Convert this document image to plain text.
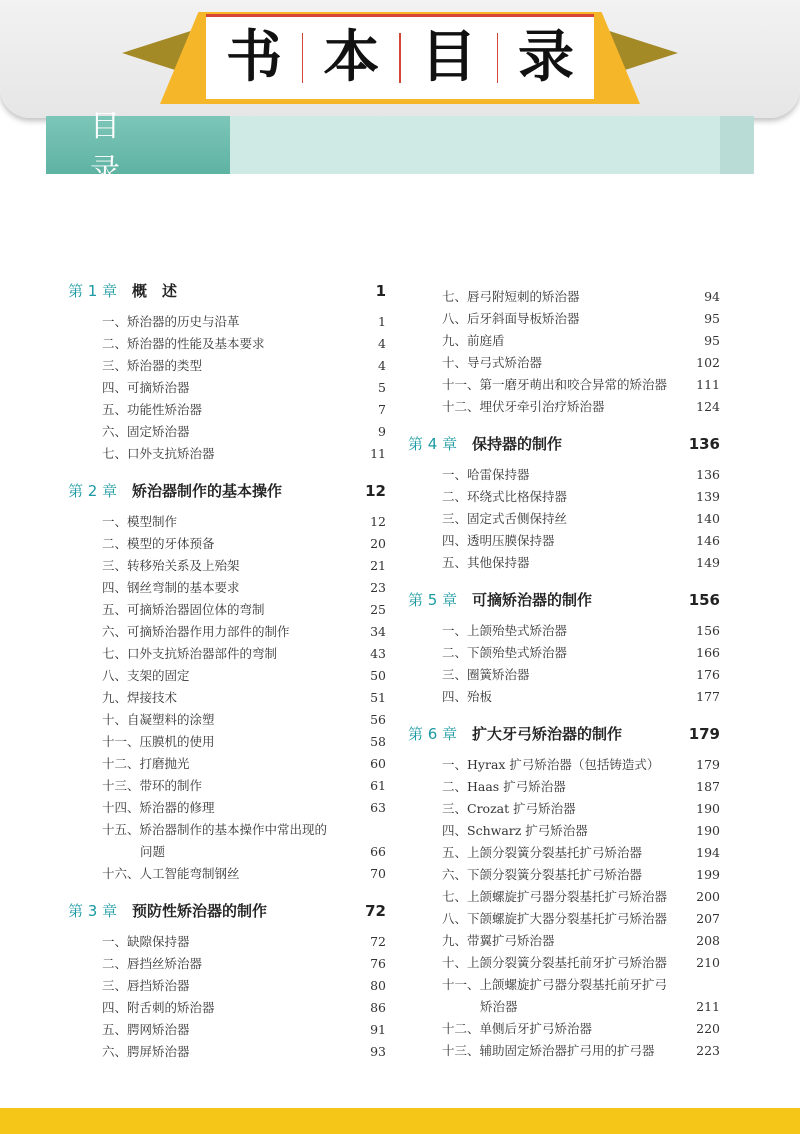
书 本 目 录
目 录
第 1 章 概　述	1
一、矫治器的历史与沿革	1
二、矫治器的性能及基本要求	4
三、矫治器的类型	4
四、可摘矫治器	5
五、功能性矫治器	7
六、固定矫治器	9
七、口外支抗矫治器	11
第 2 章 矫治器制作的基本操作	12
一、模型制作	12
二、模型的牙体预备	20
三、转移殆关系及上殆架	21
四、钢丝弯制的基本要求	23
五、可摘矫治器固位体的弯制	25
六、可摘矫治器作用力部件的制作	34
七、口外支抗矫治器部件的弯制	43
八、支架的固定	50
九、焊接技术	51
十、自凝塑料的涂塑	56
十一、压膜机的使用	58
十二、打磨抛光	60
十三、带环的制作	61
十四、矫治器的修理	63
十五、矫治器制作的基本操作中常出现的
问题	66
十六、人工智能弯制钢丝	70
第 3 章 预防性矫治器的制作	72
一、缺隙保持器	72
二、唇挡丝矫治器	76
三、唇挡矫治器	80
四、附舌刺的矫治器	86
五、腭网矫治器	91
六、腭屏矫治器	93
七、唇弓附短刺的矫治器	94
八、后牙斜面导板矫治器	95
九、前庭盾	95
十、导弓式矫治器	102
十一、第一磨牙萌出和咬合异常的矫治器	111
十二、埋伏牙牵引治疗矫治器	124
第 4 章 保持器的制作	136
一、哈雷保持器	136
二、环绕式比格保持器	139
三、固定式舌侧保持丝	140
四、透明压膜保持器	146
五、其他保持器	149
第 5 章 可摘矫治器的制作	156
一、上颌殆垫式矫治器	156
二、下颌殆垫式矫治器	166
三、圈簧矫治器	176
四、殆板	177
第 6 章 扩大牙弓矫治器的制作	179
一、Hyrax 扩弓矫治器（包括铸造式）	179
二、Haas 扩弓矫治器	187
三、Crozat 扩弓矫治器	190
四、Schwarz 扩弓矫治器	190
五、上颌分裂簧分裂基托扩弓矫治器	194
六、下颌分裂簧分裂基托扩弓矫治器	199
七、上颌螺旋扩弓器分裂基托扩弓矫治器	200
八、下颌螺旋扩大器分裂基托扩弓矫治器	207
九、带翼扩弓矫治器	208
十、上颌分裂簧分裂基托前牙扩弓矫治器	210
十一、上颌螺旋扩弓器分裂基托前牙扩弓
矫治器	211
十二、单侧后牙扩弓矫治器	220
十三、辅助固定矫治器扩弓用的扩弓器	223
